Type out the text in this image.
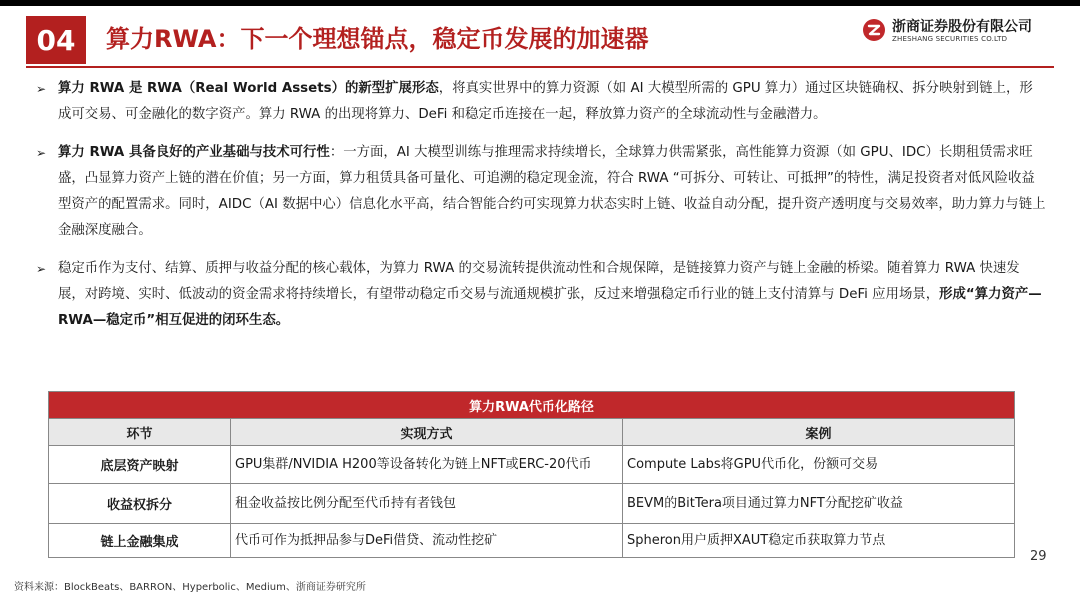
04	算力RWA：下一个理想锚点，稳定币发展的加速器	浙商证券股份有限公司
ZHESHANG SECURITIES CO.LTD
➢ 算力 RWA 是 RWA（Real World Assets）的新型扩展形态，将真实世界中的算力资源（如 AI 大模型所需的 GPU 算力）通过区块链确权、拆分映射到链上，形成可交易、可金融化的数字资产。算力 RWA 的出现将算力、DeFi 和稳定币连接在一起，释放算力资产的全球流动性与金融潜力。
➢ 算力 RWA 具备良好的产业基础与技术可行性：一方面，AI 大模型训练与推理需求持续增长，全球算力供需紧张，高性能算力资源（如 GPU、IDC）长期租赁需求旺盛，凸显算力资产上链的潜在价值；另一方面，算力租赁具备可量化、可追溯的稳定现金流，符合 RWA “可拆分、可转让、可抵押”的特性，满足投资者对低风险收益型资产的配置需求。同时，AIDC（AI 数据中心）信息化水平高，结合智能合约可实现算力状态实时上链、收益自动分配，提升资产透明度与交易效率，助力算力与链上金融深度融合。
➢ 稳定币作为支付、结算、质押与收益分配的核心载体，为算力 RWA 的交易流转提供流动性和合规保障，是链接算力资产与链上金融的桥梁。随着算力 RWA 快速发展，对跨境、实时、低波动的资金需求将持续增长，有望带动稳定币交易与流通规模扩张，反过来增强稳定币行业的链上支付清算与 DeFi 应用场景，形成“算力资产—RWA—稳定币”相互促进的闭环生态。
算力RWA代币化路径		
环节	实现方式	案例
底层资产映射	GPU集群/NVIDIA H200等设备转化为链上NFT或ERC-20代币	Compute Labs将GPU代币化，份额可交易
收益权拆分	租金收益按比例分配至代币持有者钱包	BEVM的BitTera项目通过算力NFT分配挖矿收益
链上金融集成	代币可作为抵押品参与DeFi借贷、流动性挖矿	Spheron用户质押XAUT稳定币获取算力节点
29
资料来源：BlockBeats、BARRON、Hyperbolic、Medium、浙商证券研究所
